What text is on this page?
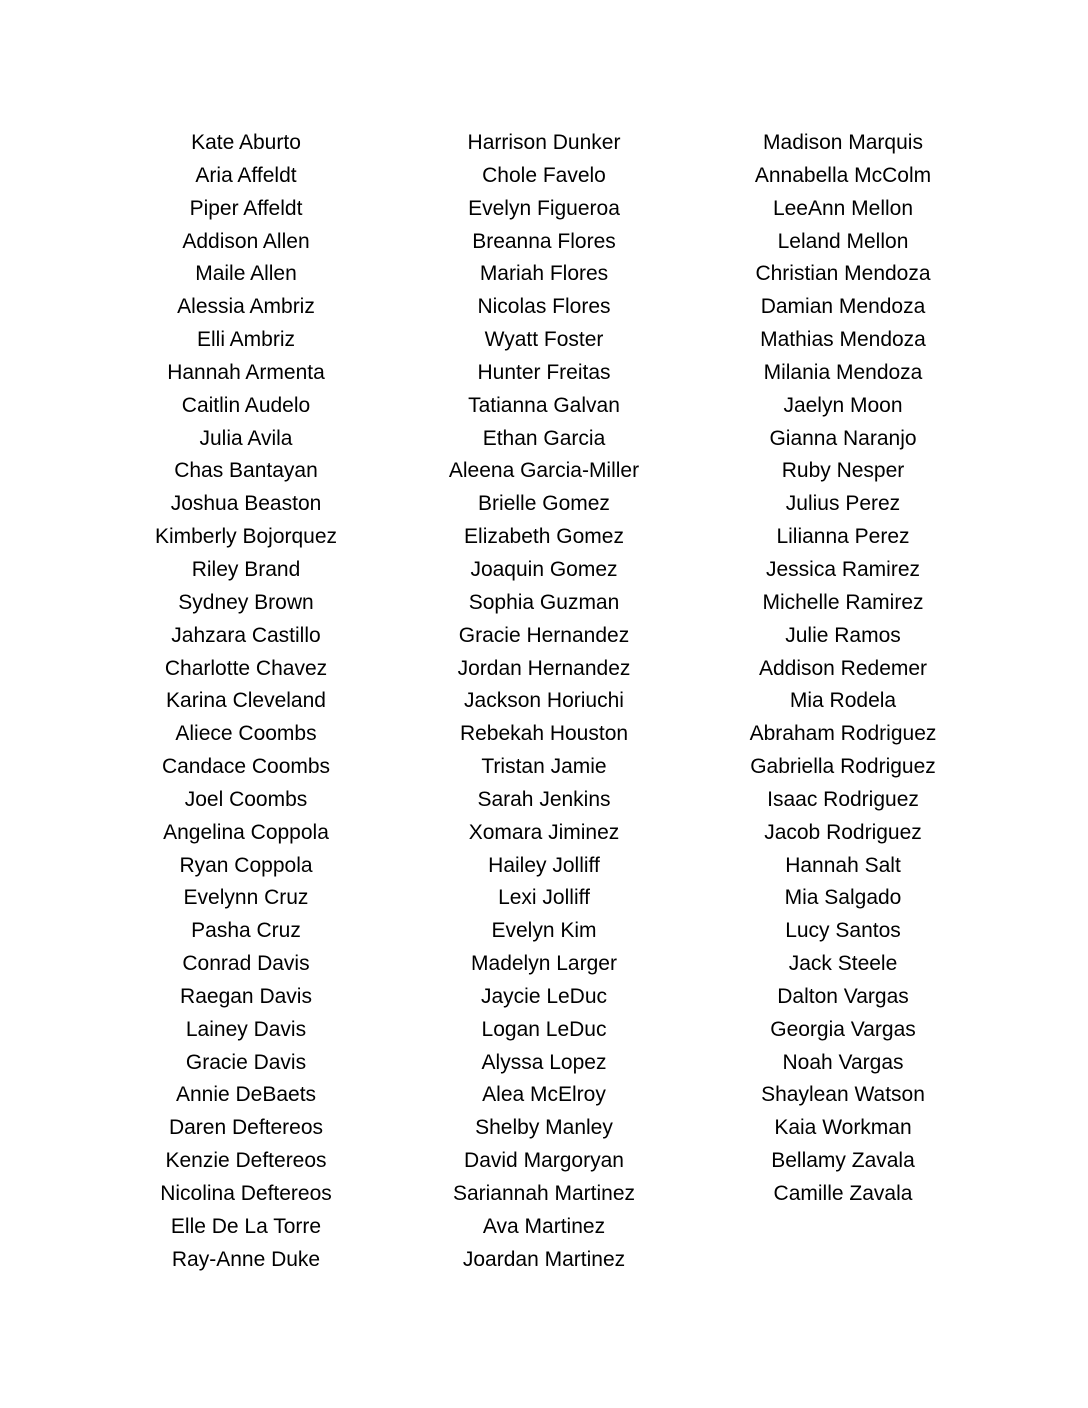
Kate Aburto
Aria Affeldt
Piper Affeldt
Addison Allen
Maile Allen
Alessia Ambriz
Elli Ambriz
Hannah Armenta
Caitlin Audelo
Julia Avila
Chas Bantayan
Joshua Beaston
Kimberly Bojorquez
Riley Brand
Sydney Brown
Jahzara Castillo
Charlotte Chavez
Karina Cleveland
Aliece Coombs
Candace Coombs
Joel Coombs
Angelina Coppola
Ryan Coppola
Evelynn Cruz
Pasha Cruz
Conrad Davis
Raegan Davis
Lainey Davis
Gracie Davis
Annie DeBaets
Daren Deftereos
Kenzie Deftereos
Nicolina Deftereos
Elle De La Torre
Ray-Anne Duke
Harrison Dunker
Chole Favelo
Evelyn Figueroa
Breanna Flores
Mariah Flores
Nicolas Flores
Wyatt Foster
Hunter Freitas
Tatianna Galvan
Ethan Garcia
Aleena Garcia-Miller
Brielle Gomez
Elizabeth Gomez
Joaquin Gomez
Sophia Guzman
Gracie Hernandez
Jordan Hernandez
Jackson Horiuchi
Rebekah Houston
Tristan Jamie
Sarah Jenkins
Xomara Jiminez
Hailey Jolliff
Lexi Jolliff
Evelyn Kim
Madelyn Larger
Jaycie LeDuc
Logan LeDuc
Alyssa Lopez
Alea McElroy
Shelby Manley
David Margoryan
Sariannah Martinez
Ava Martinez
Joardan Martinez
Madison Marquis
Annabella McColm
LeeAnn Mellon
Leland Mellon
Christian Mendoza
Damian Mendoza
Mathias Mendoza
Milania Mendoza
Jaelyn Moon
Gianna Naranjo
Ruby Nesper
Julius Perez
Lilianna Perez
Jessica Ramirez
Michelle Ramirez
Julie Ramos
Addison Redemer
Mia Rodela
Abraham Rodriguez
Gabriella Rodriguez
Isaac Rodriguez
Jacob Rodriguez
Hannah Salt
Mia Salgado
Lucy Santos
Jack Steele
Dalton Vargas
Georgia Vargas
Noah Vargas
Shaylean Watson
Kaia Workman
Bellamy Zavala
Camille Zavala
